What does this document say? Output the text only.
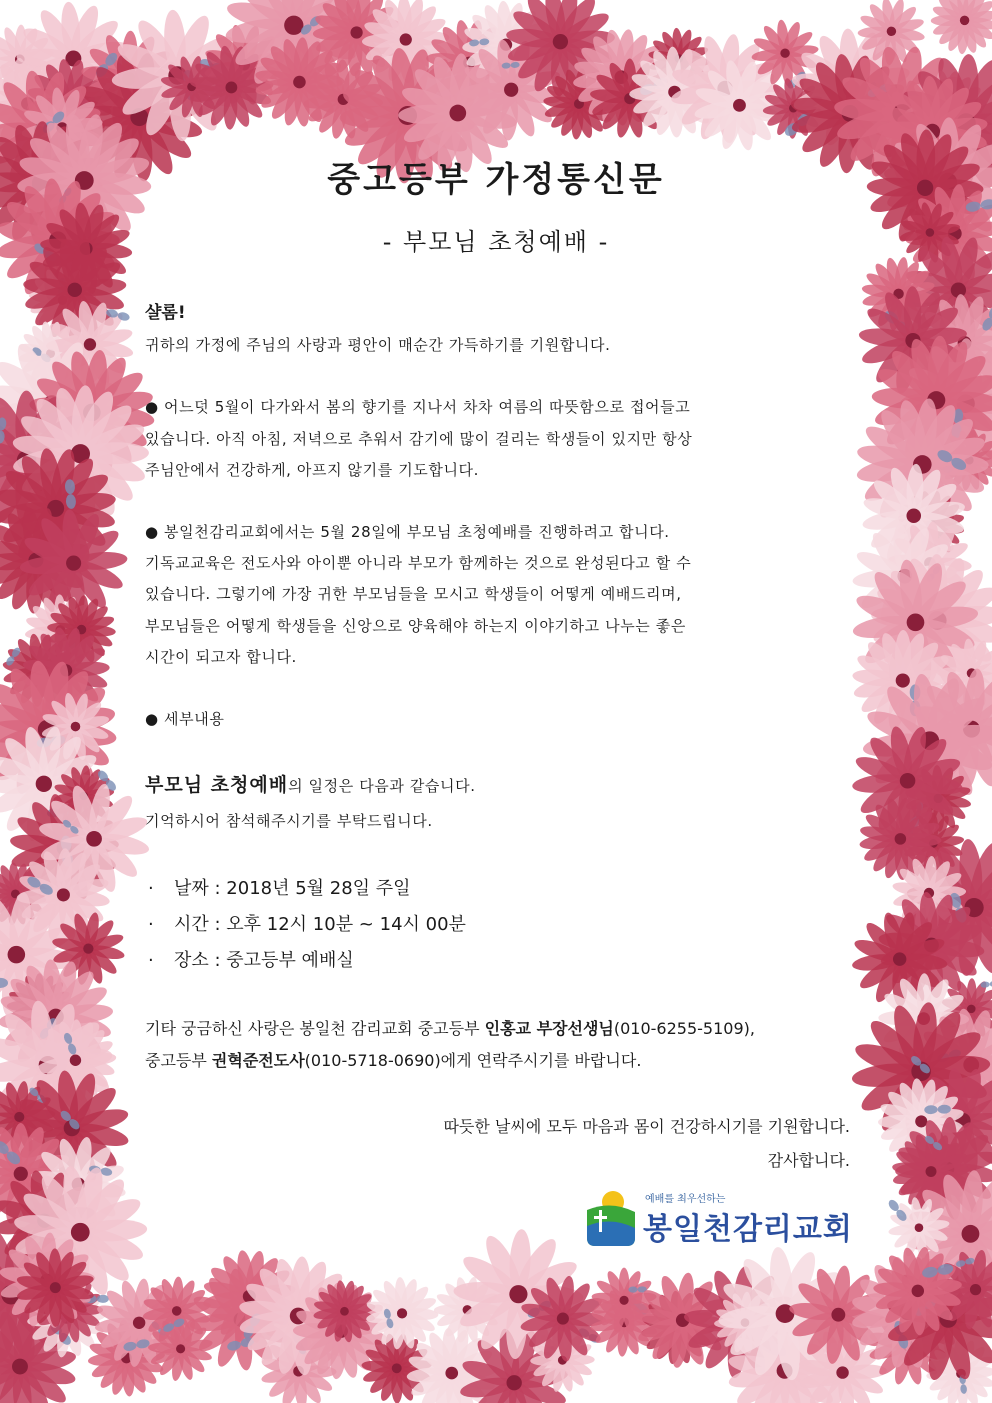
중고등부 가정통신문
- 부모님 초청예배 -
샬롬!
귀하의 가정에 주님의 사랑과 평안이 매순간 가득하기를 기원합니다.
● 어느덧 5월이 다가와서 봄의 향기를 지나서 차차 여름의 따뜻함으로 접어들고
있습니다. 아직 아침, 저녁으로 추워서 감기에 많이 걸리는 학생들이 있지만 항상
주님안에서 건강하게, 아프지 않기를 기도합니다.
● 봉일천감리교회에서는 5월 28일에 부모님 초청예배를 진행하려고 합니다.
기독교교육은 전도사와 아이뿐 아니라 부모가 함께하는 것으로 완성된다고 할 수
있습니다. 그렇기에 가장 귀한 부모님들을 모시고 학생들이 어떻게 예배드리며,
부모님들은 어떻게 학생들을 신앙으로 양육해야 하는지 이야기하고 나누는 좋은
시간이 되고자 합니다.
● 세부내용
부모님 초청예배의 일정은 다음과 같습니다.
기억하시어 참석해주시기를 부탁드립니다.
· 날짜 : 2018년 5월 28일 주일
· 시간 : 오후 12시 10분 ~ 14시 00분
· 장소 : 중고등부 예배실
기타 궁금하신 사랑은 봉일천 감리교회 중고등부 인홍교 부장선생님(010-6255-5109),
중고등부 권혁준전도사(010-5718-0690)에게 연락주시기를 바랍니다.
따듯한 날씨에 모두 마음과 몸이 건강하시기를 기원합니다.
감사합니다.
예배를 최우선하는
봉일천감리교회
